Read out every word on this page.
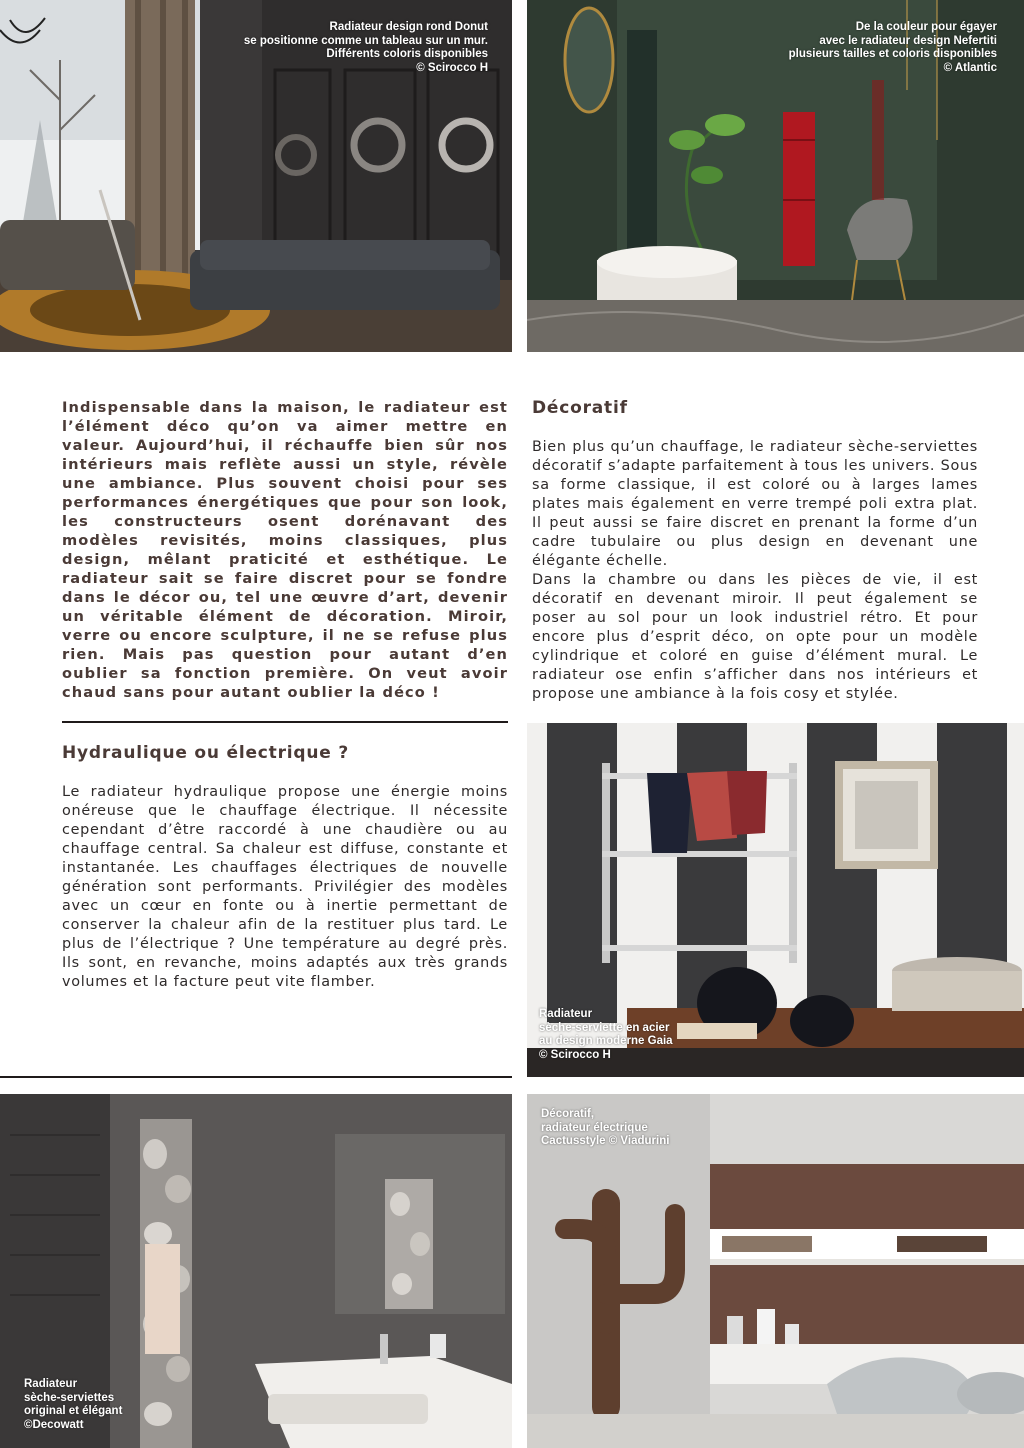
Radiateur design rond Donut
se positionne comme un tableau sur un mur.
Différents coloris disponibles
© Scirocco H
De la couleur pour égayer
avec le radiateur design Nefertiti
plusieurs tailles et coloris disponibles
© Atlantic
Indispensable dans la maison, le radiateur est l’élément déco qu’on va aimer mettre en valeur. Aujourd’hui, il réchauffe bien sûr nos intérieurs mais reflète aussi un style, révèle une ambiance. Plus souvent choisi pour ses performances énergétiques que pour son look, les constructeurs osent dorénavant des modèles revisités, moins classiques, plus design, mêlant praticité et esthétique. Le radiateur sait se faire discret pour se fondre dans le décor ou, tel une œuvre d’art, devenir un véritable élément de décoration. Miroir, verre ou encore sculpture, il ne se refuse plus rien. Mais pas question pour autant d’en oublier sa fonction première. On veut avoir chaud sans pour autant oublier la déco !
Décoratif

Bien plus qu’un chauffage, le radiateur sèche-serviettes décoratif s’adapte parfaitement à tous les univers. Sous sa forme classique, il est coloré ou à larges lames plates mais également en verre trempé poli extra plat. Il peut aussi se faire discret en prenant la forme d’un cadre tubulaire ou plus design en devenant une élégante échelle.

Dans la chambre ou dans les pièces de vie, il est décoratif en devenant miroir. Il peut également se poser au sol pour un look industriel rétro. Et pour encore plus d’esprit déco, on opte pour un modèle cylindrique et coloré en guise d’élément mural. Le radiateur ose enfin s’afficher dans nos intérieurs et propose une ambiance à la fois cosy et stylée.

Hydraulique ou électrique ?

Le radiateur hydraulique propose une énergie moins onéreuse que le chauffage électrique. Il nécessite cependant d’être raccordé à une chaudière ou au chauffage central. Sa chaleur est diffuse, constante et instantanée. Les chauffages électriques de nouvelle génération sont performants. Privilégier des modèles avec un cœur en fonte ou à inertie permettant de conserver la chaleur afin de la restituer plus tard. Le plus de l’électrique ? Une température au degré près. Ils sont, en revanche, moins adaptés aux très grands volumes et la facture peut vite flamber.

Radiateur
sèche-serviette en acier
au design moderne Gaia
© Scirocco H
Radiateur
sèche-serviettes
original et élégant
©Decowatt
Décoratif,
radiateur électrique
Cactusstyle © Viadurini
